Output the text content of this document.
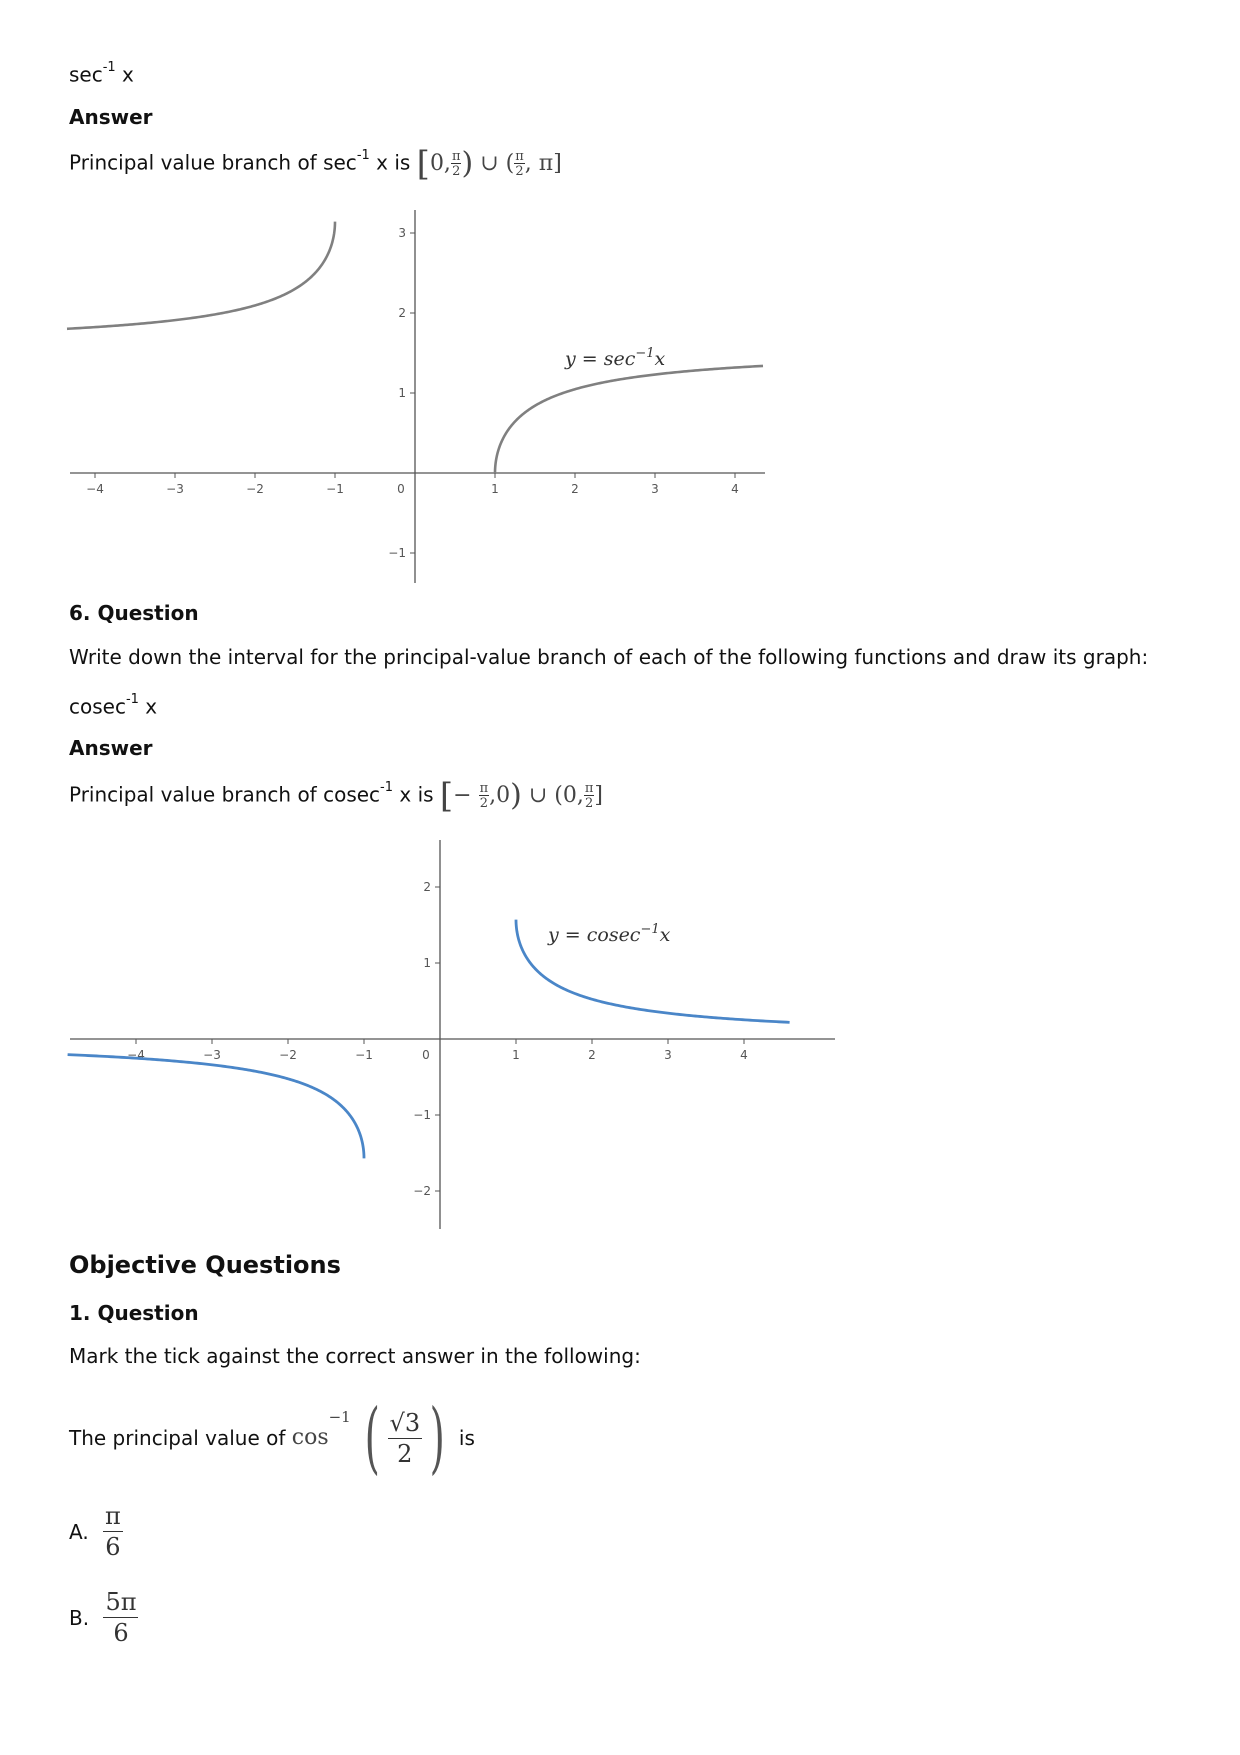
$\sec^{-1} x$
Answer
Principal value branch of $\sec^{-1} x$ is [0, $\frac{\pi}{2}$ ) ∪ ( $\frac{\pi}{2}$ , π]
−4	−3	−2	−1	1	2	3	4
0
3
2
1
−1
$y = \sec^{-1}x$
6. Question
Write down the interval for the principal-value branch of each of the following functions and draw its graph:
cosec$^{-1}$ x
Answer
Principal value branch of cosec$^{-1}$ x is [− $\frac{\pi}{2} ,0$) ∪ (0, $\frac{\pi}{2}$ ]
−4	−3	−2	−1	1	2	3	4
0
2
1
−1
−2
y = cosec$^{-1}$x
Objective Questions
1. Question
Mark the tick against the correct answer in the following:
The principal value of $\cos^{-1}$ ( $\frac{√3}{2}$ ) is
A. $\frac{\pi}{6}$
B. $\frac{5\pi}{6}$
